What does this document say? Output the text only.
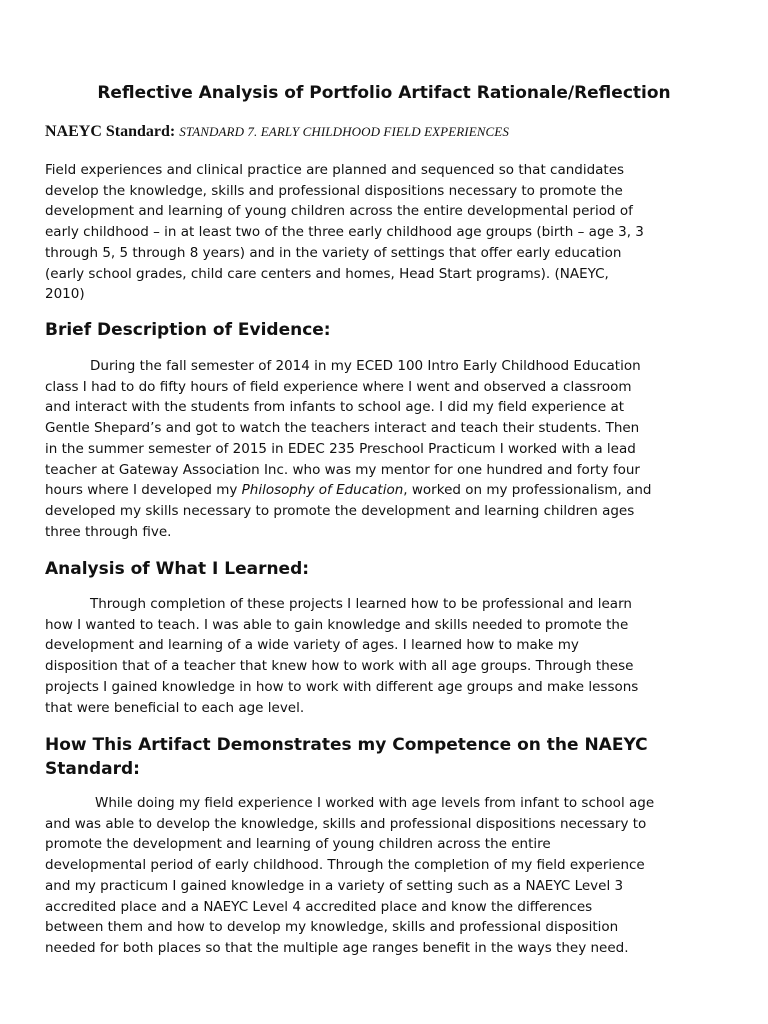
Reflective Analysis of Portfolio Artifact Rationale/Reflection

NAEYC Standard: STANDARD 7. EARLY CHILDHOOD FIELD EXPERIENCES

Field experiences and clinical practice are planned and sequenced so that candidates
develop the knowledge, skills and professional dispositions necessary to promote the
development and learning of young children across the entire developmental period of
early childhood – in at least two of the three early childhood age groups (birth – age 3, 3
through 5, 5 through 8 years) and in the variety of settings that offer early education
(early school grades, child care centers and homes, Head Start programs). (NAEYC,
2010)

Brief Description of Evidence:

During the fall semester of 2014 in my ECED 100 Intro Early Childhood Education
class I had to do fifty hours of field experience where I went and observed a classroom
and interact with the students from infants to school age. I did my field experience at
Gentle Shepard’s and got to watch the teachers interact and teach their students. Then
in the summer semester of 2015 in EDEC 235 Preschool Practicum I worked with a lead
teacher at Gateway Association Inc. who was my mentor for one hundred and forty four
hours where I developed my Philosophy of Education, worked on my professionalism, and
developed my skills necessary to promote the development and learning children ages
three through five.

Analysis of What I Learned:

Through completion of these projects I learned how to be professional and learn
how I wanted to teach. I was able to gain knowledge and skills needed to promote the
development and learning of a wide variety of ages. I learned how to make my
disposition that of a teacher that knew how to work with all age groups. Through these
projects I gained knowledge in how to work with different age groups and make lessons
that were beneficial to each age level.

How This Artifact Demonstrates my Competence on the NAEYC
Standard:

While doing my field experience I worked with age levels from infant to school age
and was able to develop the knowledge, skills and professional dispositions necessary to
promote the development and learning of young children across the entire
developmental period of early childhood. Through the completion of my field experience
and my practicum I gained knowledge in a variety of setting such as a NAEYC Level 3
accredited place and a NAEYC Level 4 accredited place and know the differences
between them and how to develop my knowledge, skills and professional disposition
needed for both places so that the multiple age ranges benefit in the ways they need.
